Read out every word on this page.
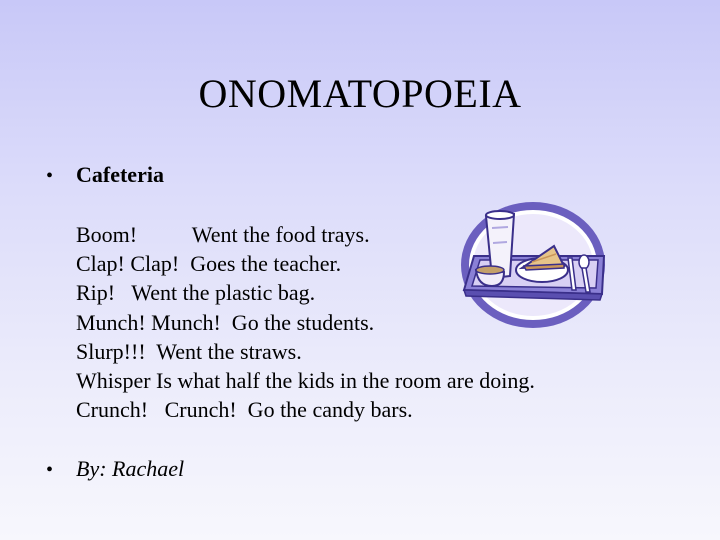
ONOMATOPOEIA
•	Cafeteria
Boom!          Went the food trays.
Clap! Clap!  Goes the teacher.
Rip!   Went the plastic bag.
Munch! Munch!  Go the students.
Slurp!!!  Went the straws.
Whisper Is what half the kids in the room are doing.
Crunch!   Crunch!  Go the candy bars.
•	By: Rachael
